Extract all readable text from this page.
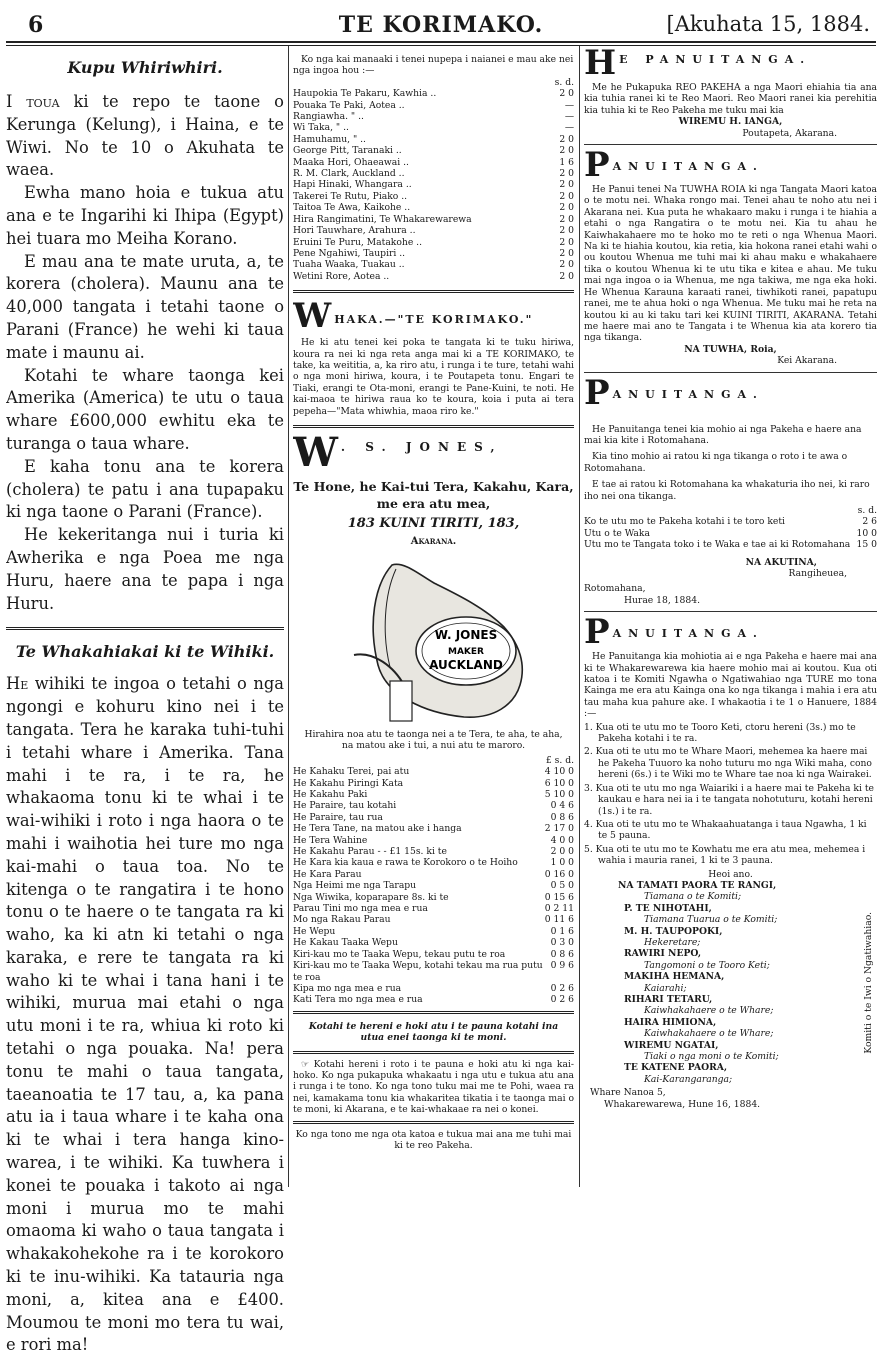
6	TE KORIMAKO.	[Akuhata 15, 1884.
Kupu Whiriwhiri.

I toua ki te repo te taone o Kerunga (Kelung), i Haina, e te Wiwi. No te 10 o Akuhata te waea.

Ewha mano hoia e tukua atu ana e te Ingarihi ki Ihipa (Egypt) hei tuara mo Meiha Korano.

E mau ana te mate uruta, a, te korera (cholera). Maunu ana te 40,000 tangata i tetahi taone o Parani (France) he wehi ki taua mate i maunu ai.

Kotahi te whare taonga kei Amerika (America) te utu o taua whare £600,000 ewhitu eka te turanga o taua whare.

E kaha tonu ana te korera (cholera) te patu i ana tupapaku ki nga taone o Parani (France).

He kekeritanga nui i turia ki Awherika e nga Poea me nga Huru, haere ana te papa i nga Huru.

Te Whakahiakai ki te Wihiki.

He wihiki te ingoa o tetahi o nga ngongi e kohuru kino nei i te tangata. Tera he karaka tuhi-tuhi i tetahi whare i Amerika. Tana mahi i te ra, i te ra, he whakaoma tonu ki te whai i te wai-wihiki i roto i nga haora o te mahi i waihotia hei ture mo nga kai-mahi o taua toa. No te kitenga o te rangatira i te hono tonu o te haere o te tangata ra ki waho, ka ki atn ki tetahi o nga karaka, e rere te tangata ra ki waho ki te whai i tana hani i te wihiki, murua mai etahi o nga utu moni i te ra, whiua ki roto ki tetahi o nga pouaka. Na! pera tonu te mahi o taua tangata, taeanoatia te 17 tau, a, ka pana atu ia i taua whare i te kaha ona ki te whai i tera hanga kino-warea, i te wihiki. Ka tuwhera i konei te pouaka i takoto ai nga moni i murua mo te mahi omaoma ki waho o taua tangata i whakakohekohe ra i te korokoro ki te inu-wihiki. Ka tatauria nga moni, a, kitea ana e £400. Moumou te moni mo tera tu wai, e rori ma!

Ko nga kai manaaki i tenei nupepa i naianei e mau ake nei nga ingoa hou :—
s. d.
Haupokia Te Pakaru, Kawhia ..	2 0
Pouaka Te Paki, Aotea ..	—
Rangiawha. " ..	—
Wi Taka, " ..	—
Hamuhamu, " ..	2 0
George Pitt, Taranaki ..	2 0
Maaka Hori, Ohaeawai ..	1 6
R. M. Clark, Auckland ..	2 0
Hapi Hinaki, Whangara ..	2 0
Takerei Te Rutu, Piako ..	2 0
Taitoa Te Awa, Kaikohe ..	2 0
Hira Rangimatini, Te Whakarewarewa	2 0
Hori Tauwhare, Arahura ..	2 0
Eruini Te Puru, Matakohe ..	2 0
Pene Ngahiwi, Taupiri ..	2 0
Tuaha Waaka, Tuakau ..	2 0
Wetini Rore, Aotea ..	2 0
W HAKA.—"TE KORIMAKO."
He ki atu tenei kei poka te tangata ki te tuku hiriwa, koura ra nei ki nga reta anga mai ki a TE KORIMAKO, te take, ka weititia, a, ka riro atu, i runga i te ture, tetahi wahi o nga moni hiriwa, koura, i te Poutapeta tonu. Engari te Tiaki, erangi te Ota-moni, erangi te Pane-Kuini, te noti. He kai-maoa te hiriwa raua ko te koura, koia i puta ai tera pepeha—"Mata whiwhia, maoa riro ke."
W . S. JONES,
Te Hone, he Kai-tui Tera, Kakahu, Kara, me era atu mea,
183 KUINI TIRITI, 183,
Akarana.
W. JONES
MAKER
AUCKLAND
Hirahira noa atu te taonga nei a te Tera, te aha, te aha, na matou ake i tui, a nui atu te maroro.
£ s. d.
He Kahaku Terei, pai atu	4 10 0
He Kakahu Piringi Kata	6 10 0
He Kakahu Paki	5 10 0
He Paraire, tau kotahi	0 4 6
He Paraire, tau rua	0 8 6
He Tera Tane, na matou ake i hanga	2 17 0
He Tera Wahine	4 0 0
He Kakahu Parau - - £1 15s. ki te	2 0 0
He Kara kia kaua e rawa te Korokoro o te Hoiho	1 0 0
He Kara Parau	0 16 0
Nga Heimi me nga Tarapu	0 5 0
Nga Wiwika, koparapare 8s. ki te	0 15 6
Parau Tini mo nga mea e rua	0 2 11
Mo nga Rakau Parau	0 11 6
He Wepu	0 1 6
He Kakau Taaka Wepu	0 3 0
Kiri-kau mo te Taaka Wepu, tekau putu te roa	0 8 6
Kiri-kau mo te Taaka Wepu, kotahi tekau ma rua putu te roa
0 9 6
Kipa mo nga mea e rua	0 2 6
Kati Tera mo nga mea e rua	0 2 6
Kotahi te hereni e hoki atu i te pauna kotahi ina utua enei taonga ki te moni.
☞ Kotahi hereni i roto i te pauna e hoki atu ki nga kai-hoko. Ko nga pukapuka whakaatu i nga utu e tukua atu ana i runga i te tono. Ko nga tono tuku mai me te Pohi, waea ra nei, kamakama tonu kia whakaritea tikatia i te taonga mai o te moni, ki Akarana, e te kai-whakaae ra nei o konei.
Ko nga tono me nga ota katoa e tukua mai ana me tuhi mai ki te reo Pakeha.
H E PANUITANGA.
Me he Pukapuka REO PAKEHA a nga Maori ehiahia tia ana kia tuhia ranei ki te Reo Maori. Reo Maori ranei kia perehitia kia tuhia ki te Reo Pakeha me tuku mai kia
WIREMU H. IANGA,
Poutapeta, Akarana.
P ANUITANGA.
He Panui tenei Na TUWHA ROIA ki nga Tangata Maori katoa o te motu nei. Whaka rongo mai. Tenei ahau te noho atu nei i Akarana nei. Kua puta he whakaaro maku i runga i te hiahia a etahi o nga Rangatira o te motu nei. Kia tu ahau he Kaiwhakahaere mo te hoko mo te reti o nga Whenua Maori. Na ki te hiahia koutou, kia retia, kia hokona ranei etahi wahi o ou koutou Whenua me tuhi mai ki ahau maku e whakahaere tika o koutou Whenua ki te utu tika e kitea e ahau. Me tuku mai nga ingoa o ia Whenua, me nga takiwa, me nga eka hoki. He Whenua Karauna karaati ranei, tiwhikoti ranei, papatupu ranei, me te ahua hoki o nga Whenua. Me tuku mai he reta na koutou ki au ki taku tari kei KUINI TIRITI, AKARANA. Tetahi me haere mai ano te Tangata i te Whenua kia ata korero tia nga tikanga.
NA TUWHA, Roia,
Kei Akarana.
P ANUITANGA.
He Panuitanga tenei kia mohio ai nga Pakeha e haere ana mai kia kite i Rotomahana.
Kia tino mohio ai ratou ki nga tikanga o roto i te awa o Rotomahana.
E tae ai ratou ki Rotomahana ka whakaturia iho nei, ki raro iho nei ona tikanga.
s. d.
Ko te utu mo te Pakeha kotahi i te toro keti	2 6
Utu o te Waka	10 0
Utu mo te Tangata toko i te Waka e tae ai ki Rotomahana 15 0
NA AKUTINA,
Rangiheuea,
Rotomahana,
Hurae 18, 1884.
P ANUITANGA.
He Panuitanga kia mohiotia ai e nga Pakeha e haere mai ana ki te Whakarewarewa kia haere mohio mai ai koutou. Kua oti katoa i te Komiti Ngawha o Ngatiwahiao nga TURE mo tona Kainga me era atu Kainga ona ko nga tikanga i mahia i era atu tau maha kua pahure ake. I whakaotia i te 1 o Hanuere, 1884 :—
1. Kua oti te utu mo te Tooro Keti, ctoru hereni (3s.) mo te Pakeha kotahi i te ra.
2. Kua oti te utu mo te Whare Maori, mehemea ka haere mai he Pakeha Tuuoro ka noho tuturu mo nga Wiki maha, cono hereni (6s.) i te Wiki mo te Whare tae noa ki nga Wairakei.
3. Kua oti te utu mo nga Waiariki i a haere mai te Pakeha ki te kaukau e hara nei ia i te tangata nohotuturu, kotahi hereni (1s.) i te ra.
4. Kua oti te utu mo te Whakaahuatanga i taua Ngawha, 1 ki te 5 pauna.
5. Kua oti te utu mo te Kowhatu me era atu mea, mehemea i wahia i mauria ranei, 1 ki te 3 pauna.
Heoi ano.
NA TAMATI PAORA TE RANGI,
Tiamana o te Komiti;
P. TE NIHOTAHI,
Tiamana Tuarua o te Komiti;
M. H. TAUPOPOKI,
Hekeretare;
RAWIRI NEPO,
Tangomoni o te Tooro Keti;
MAKIHA HEMANA,
Kaiarahi;
RIHARI TETARU,
Kaiwhakahaere o te Whare;
HAIRA HIMIONA,
Kaiwhakahaere o te Whare;
WIREMU NGATAI,
Tiaki o nga moni o te Komiti;
TE KATENE PAORA,
Kai-Karangaranga;
Komiti o te Iwi o Ngatiwahiao.
Whare Nanoa 5,
Whakarewarewa, Hune 16, 1884.
